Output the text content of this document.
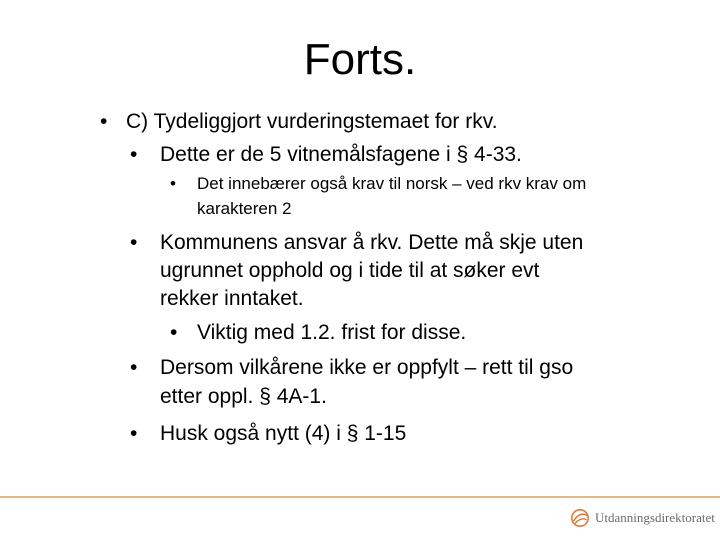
Forts.
• C) Tydeliggjort vurderingstemaet for rkv.

• Dette er de 5 vitnemålsfagene i § 4-33.

• Det innebærer også krav til norsk – ved rkv krav om

karakteren 2

• Kommunens ansvar å rkv. Dette må skje uten

ugrunnet opphold og i tide til at søker evt

rekker inntaket.

• Viktig med 1.2. frist for disse.

• Dersom vilkårene ikke er oppfylt – rett til gso

etter oppl. § 4A-1.

• Husk også nytt (4) i § 1-15

Utdanningsdirektoratet
